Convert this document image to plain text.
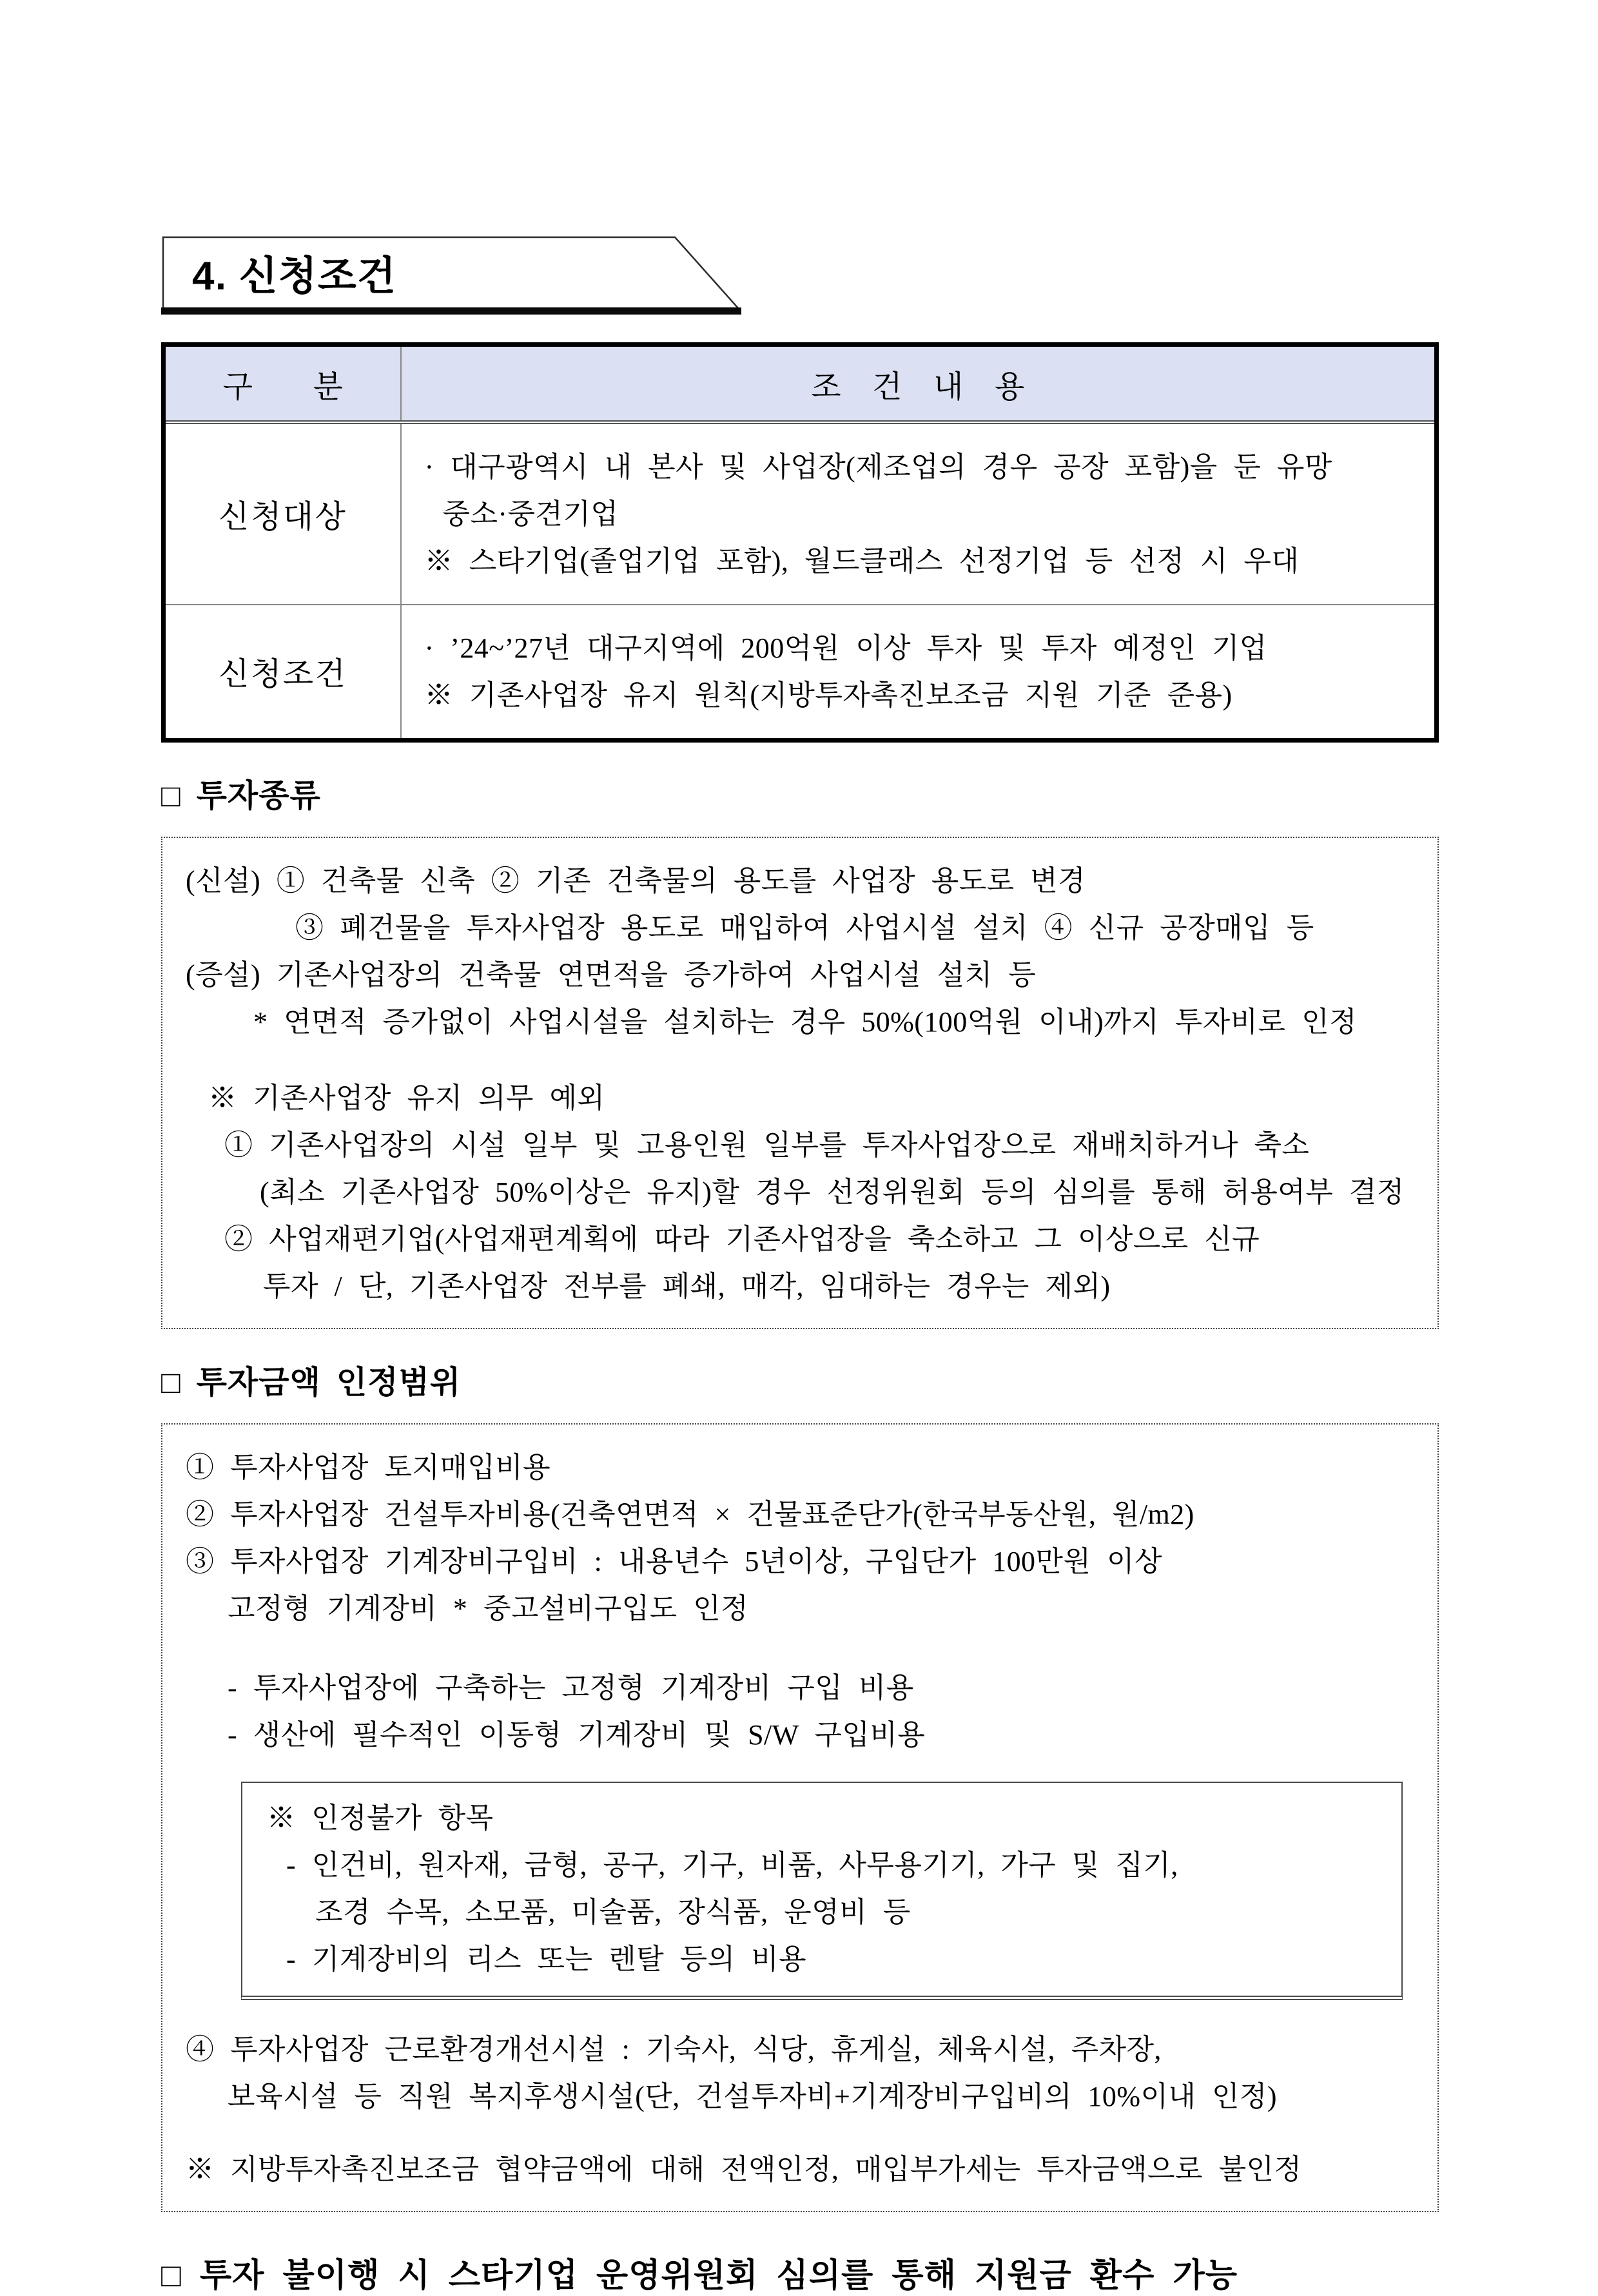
4. 신청조건
구 분	조 건 내 용
신청대상	· 대구광역시 내 본사 및 사업장(제조업의 경우 공장 포함)을 둔 유망
중소·중견기업
※ 스타기업(졸업기업 포함), 월드클래스 선정기업 등 선정 시 우대

신청조건	· ’24~’27년 대구지역에 200억원 이상 투자 및 투자 예정인 기업
※ 기존사업장 유지 원칙(지방투자촉진보조금 지원 기준 준용)
□ 투자종류
(신설) ① 건축물 신축 ② 기존 건축물의 용도를 사업장 용도로 변경
③ 폐건물을 투자사업장 용도로 매입하여 사업시설 설치 ④ 신규 공장매입 등
(증설) 기존사업장의 건축물 연면적을 증가하여 사업시설 설치 등
* 연면적 증가없이 사업시설을 설치하는 경우 50%(100억원 이내)까지 투자비로 인정
※ 기존사업장 유지 의무 예외
① 기존사업장의 시설 일부 및 고용인원 일부를 투자사업장으로 재배치하거나 축소
(최소 기존사업장 50%이상은 유지)할 경우 선정위원회 등의 심의를 통해 허용여부 결정
② 사업재편기업(사업재편계획에 따라 기존사업장을 축소하고 그 이상으로 신규
투자 / 단, 기존사업장 전부를 폐쇄, 매각, 임대하는 경우는 제외)
□ 투자금액 인정범위
① 투자사업장 토지매입비용
② 투자사업장 건설투자비용(건축연면적 × 건물표준단가(한국부동산원, 원/m2)
③ 투자사업장 기계장비구입비 : 내용년수 5년이상, 구입단가 100만원 이상
고정형 기계장비 * 중고설비구입도 인정
- 투자사업장에 구축하는 고정형 기계장비 구입 비용
- 생산에 필수적인 이동형 기계장비 및 S/W 구입비용
※ 인정불가 항목
- 인건비, 원자재, 금형, 공구, 기구, 비품, 사무용기기, 가구 및 집기,
조경 수목, 소모품, 미술품, 장식품, 운영비 등
- 기계장비의 리스 또는 렌탈 등의 비용
④ 투자사업장 근로환경개선시설 : 기숙사, 식당, 휴게실, 체육시설, 주차장,
보육시설 등 직원 복지후생시설(단, 건설투자비+기계장비구입비의 10%이내 인정)
※ 지방투자촉진보조금 협약금액에 대해 전액인정, 매입부가세는 투자금액으로 불인정
□ 투자 불이행 시 스타기업 운영위원회 심의를 통해 지원금 환수 가능
